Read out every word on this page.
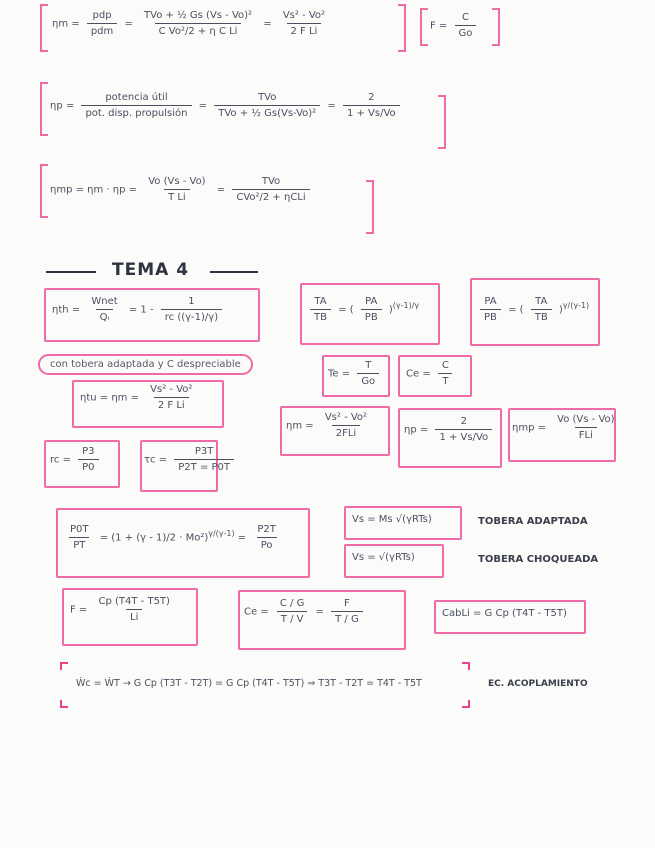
$\eta m = \frac{\text{pdp}}{\text{pdm}} = \frac{\text{TVo + ½ Gs (Vs - Vo)²}}{\text{C Vo²/2 + η C Li}} = \frac{\text{Vs² - Vo²}}{\text{2 F Li}}$	$F = \frac{C}{Go}$
$\eta p = \frac{\text{potencia útil}}{\text{pot. disp. propulsión}} = \frac{\text{TVo}}{\text{TVo + ½ Gs(Vs-Vo)²}} = \frac{2}{1 + Vs/Vo}$
$\eta mp = \eta m \cdot \eta p = \frac{Vo (Vs - Vo)}{\text{T Li}} = \frac{\text{TVo}}{\text{CVo²/2 + ηCLi}}$
TEMA 4
$\eta th = \frac{\text{Wnet}}{\text{Qᵢ}} = 1 - \frac{1}{rc ((\gamma-1)/\gamma)}$	$\frac{TA}{TB}$ = ( $\frac{PA}{PB} )^{(\gamma-1)/\gamma}$	$\frac{PA}{PB}$ = ( $\frac{TA}{TB} )^{\gamma/(\gamma-1)}$
con tobera adaptada y C despreciable
$Te = \frac{T}{Go}$	$Ce = \frac{C}{T}$
$\eta tu = \eta m = \frac{\text{Vs² - Vo²}}{\text{2 F Li}}$
$\eta m = \frac{\text{Vs² - Vo²}}{\text{2FLi}}$	$\eta p = \frac{2}{1 + Vs/Vo}$ $\eta mp = \frac{Vo (Vs - Vo)}{\text{FLi}}$
rc = $\frac{P3}{P0}$	$\tau c = \frac{P3T}{P2T = P0T}$
$\frac{P0T}{PT} = (1 + (\gamma - 1)/2 \cdot Mo^2)^{\gamma/(\gamma-1)} = \frac{P2T}{Po}$
Vs = Ms √(γRTs)	TOBERA ADAPTADA
Vs = √(γRTs)	TOBERA CHOQUEADA
$F = \frac{Cp (T4T - T5T)}{Li}$	$Ce = \frac{C / G}{T / V} = \frac{F}{T / G}$	CabLi = G Cp (T4T - T5T)
Ẇc = ẆT → G Cp (T3T - T2T) = G Cp (T4T - T5T) ⇒ T3T - T2T = T4T - T5T	EC. ACOPLAMIENTO
